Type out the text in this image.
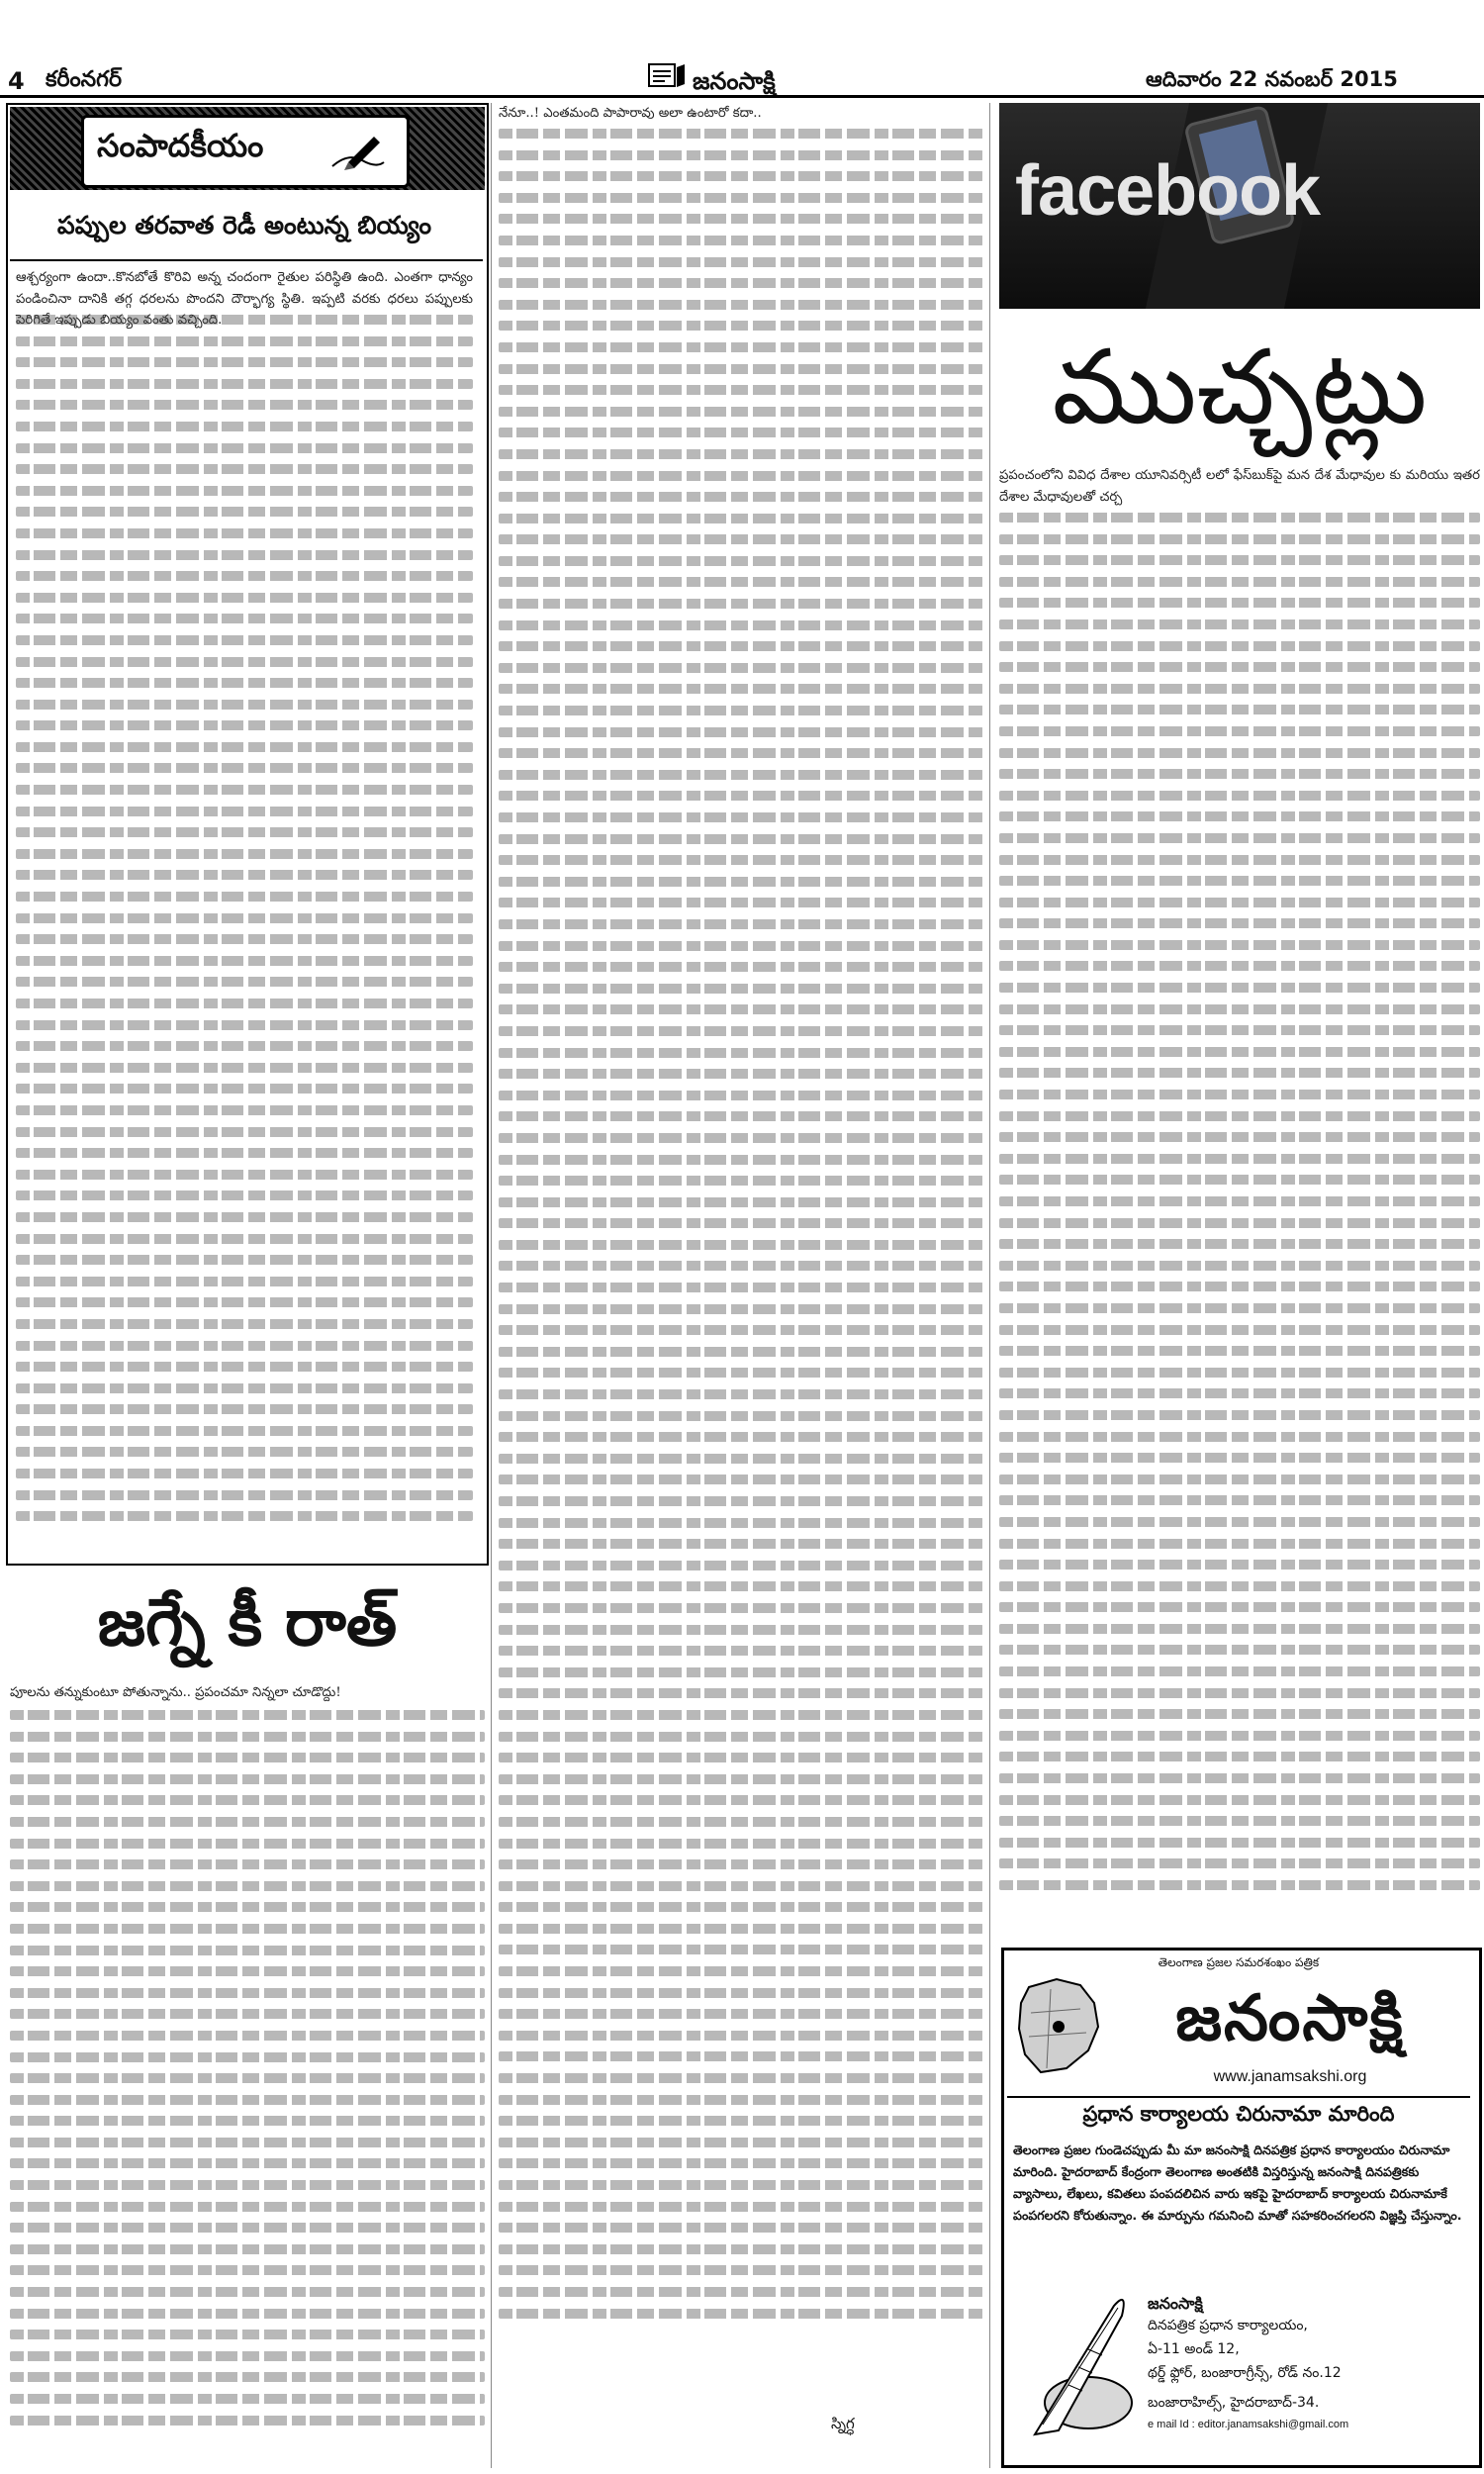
4 కరీంనగర్	జనంసాక్షి	ఆదివారం 22 నవంబర్ 2015
సంపాదకీయం
పప్పుల తరవాత రెడీ అంటున్న బియ్యం
ఆశ్చర్యంగా ఉందా..కొనబోతే కొరివి అన్న చందంగా రైతుల పరిస్థితి ఉంది. ఎంతగా ధాన్యం పండించినా దానికి తగ్గ ధరలను పొందని దౌర్భాగ్య స్థితి. ఇప్పటి వరకు ధరలు పప్పులకు పెరిగితే ఇప్పుడు బియ్యం వంతు వచ్చింది.
జగ్నే కీ రాత్
పూలను తన్నుకుంటూ పోతున్నాను.. ప్రపంచమా నిన్నలా చూడొద్దు!
నేనూ..! ఎంతమంది పాపారావు అలా ఉంటారో కదా..
స్నిగ్ధ
facebook
ముచ్చట్లు
ప్రపంచంలోని వివిధ దేశాల యూనివర్సిటీ లలో ఫేస్‌బుక్‌పై మన దేశ మేధావుల కు మరియు ఇతర దేశాల మేధావులతో చర్చ
తెలంగాణ ప్రజల సమరశంఖం పత్రిక
జనంసాక్షి
www.janamsakshi.org
ప్రధాన కార్యాలయ చిరునామా మారింది
తెలంగాణ ప్రజల గుండెచప్పుడు మీ మా జనంసాక్షి దినపత్రిక ప్రధాన కార్యాలయం చిరునామా మారింది. హైదరాబాద్ కేంద్రంగా తెలంగాణ అంతటికి విస్తరిస్తున్న జనంసాక్షి దినపత్రికకు వ్యాసాలు, లేఖలు, కవితలు పంపదలిచిన వారు ఇకపై హైదరాబాద్ కార్యాలయ చిరునామాకే పంపగలరని కోరుతున్నాం. ఈ మార్పును గమనించి మాతో సహకరించగలరని విజ్ఞప్తి చేస్తున్నాం.
జనంసాక్షి
దినపత్రిక ప్రధాన కార్యాలయం,
ఏ-11 అండ్ 12,
థర్డ్ ఫ్లోర్, బంజారాగ్రీన్స్, రోడ్ నం.12
బంజారాహిల్స్, హైదరాబాద్-34.
e mail Id : editor.janamsakshi@gmail.com
